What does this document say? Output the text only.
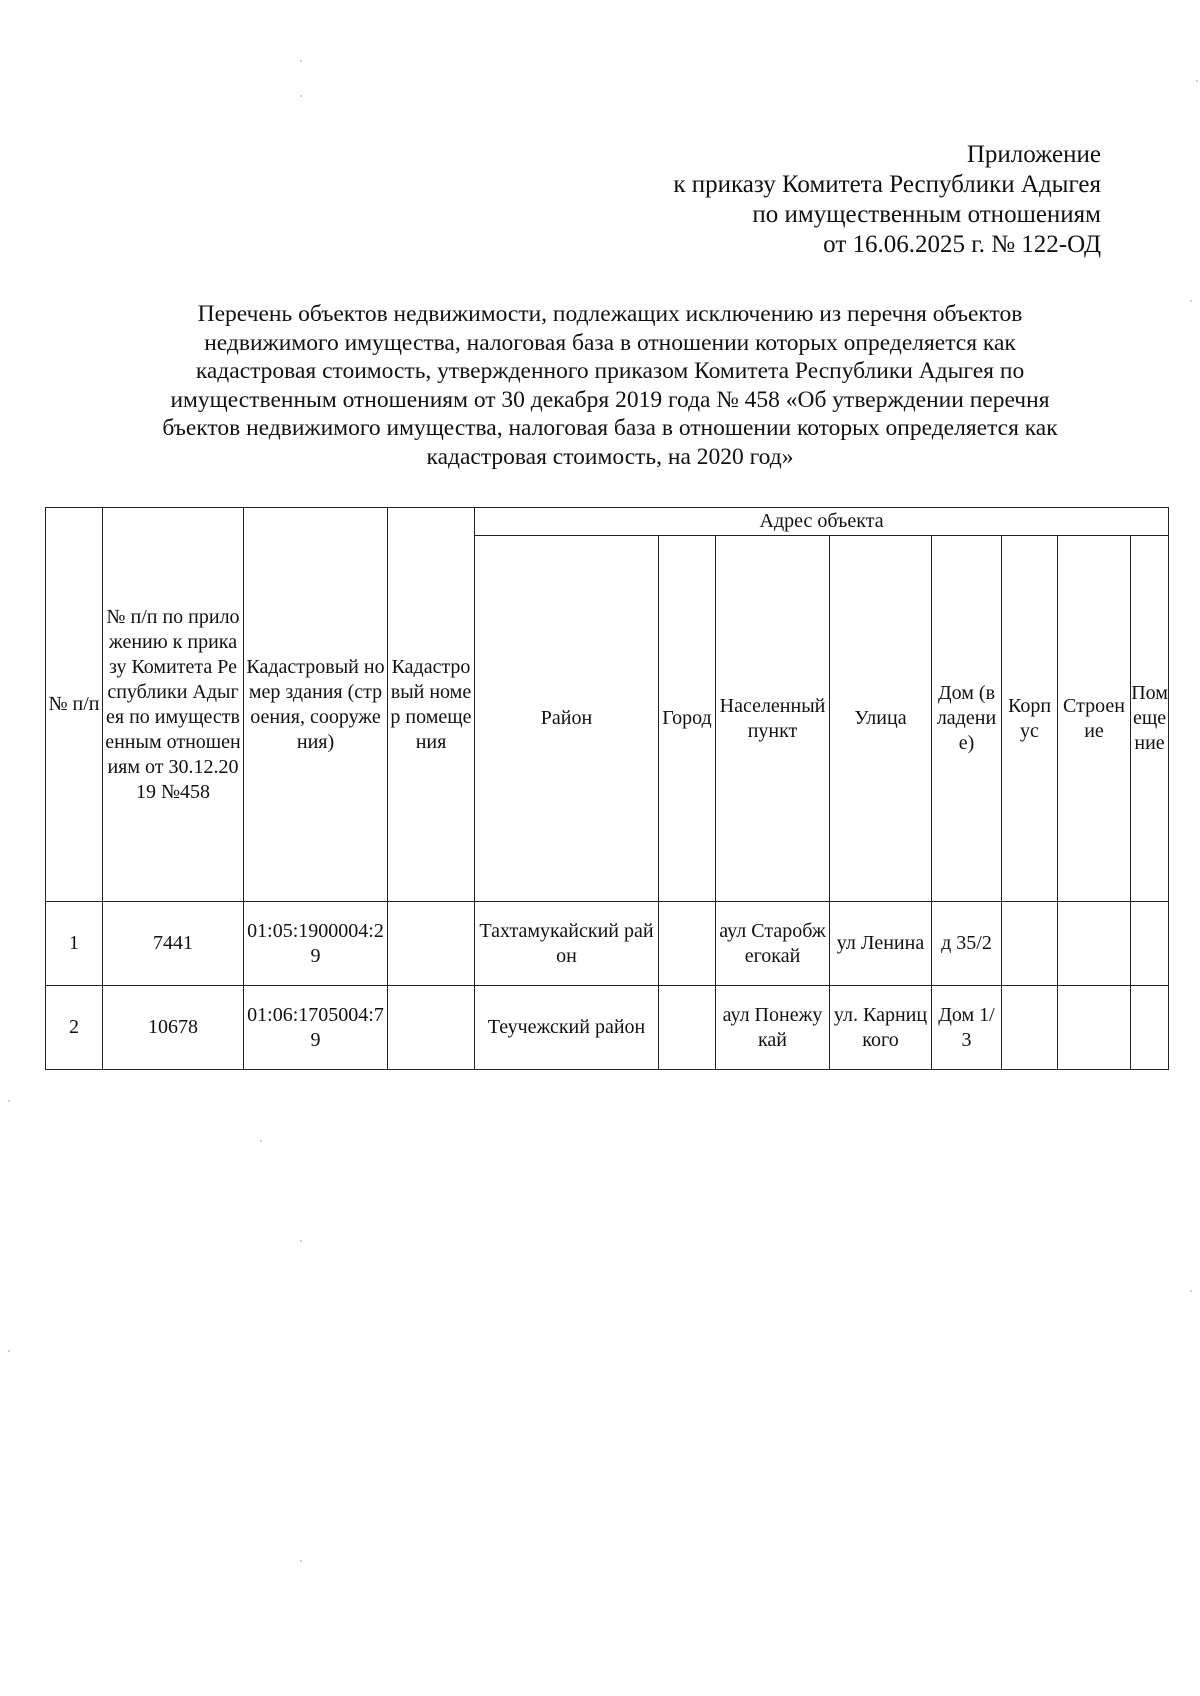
Приложение
к приказу Комитета Республики Адыгея
по имущественным отношениям
от 16.06.2025 г. № 122-ОД
Перечень объектов недвижимости, подлежащих исключению из перечня объектов
недвижимого имущества, налоговая база в отношении которых определяется как
кадастровая стоимость, утвержденного приказом Комитета Республики Адыгея по
имущественным отношениям от 30 декабря 2019 года № 458 «Об утверждении перечня
бъектов недвижимого имущества, налоговая база в отношении которых определяется как
кадастровая стоимость, на 2020 год»
№ п/п	№ п/п по приложению к приказу Комитета Республики Адыгея по имущественным отношениям от 30.12.2019 №458	Кадастровый номер здания (строения, сооружения)	Кадастровый номер помещения	Адрес объекта							
				Район	Город	Населенный пункт	Улица	Дом (владение)	Корпус	Строение	Помещение
1	7441	01:05:1900004:29		Тахтамукайский район		аул Старобжегокай	ул Ленина	д 35/2			
2	10678	01:06:1705004:79		Теучежский район		аул Понежукай	ул. Карницкого	Дом 1/3			
